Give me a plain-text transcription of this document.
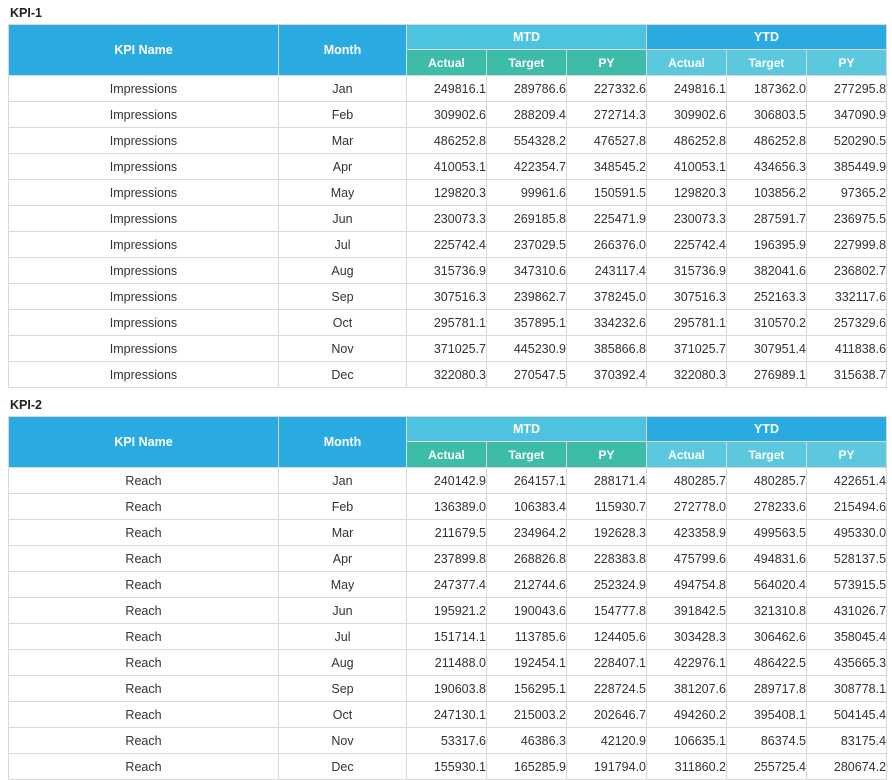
KPI-1
KPI Name	Month	MTD			YTD		
		Actual	Target	PY	Actual	Target	PY
Impressions	Jan	249816.1	289786.6	227332.6	249816.1	187362.0	277295.8
Impressions	Feb	309902.6	288209.4	272714.3	309902.6	306803.5	347090.9
Impressions	Mar	486252.8	554328.2	476527.8	486252.8	486252.8	520290.5
Impressions	Apr	410053.1	422354.7	348545.2	410053.1	434656.3	385449.9
Impressions	May	129820.3	99961.6	150591.5	129820.3	103856.2	97365.2
Impressions	Jun	230073.3	269185.8	225471.9	230073.3	287591.7	236975.5
Impressions	Jul	225742.4	237029.5	266376.0	225742.4	196395.9	227999.8
Impressions	Aug	315736.9	347310.6	243117.4	315736.9	382041.6	236802.7
Impressions	Sep	307516.3	239862.7	378245.0	307516.3	252163.3	332117.6
Impressions	Oct	295781.1	357895.1	334232.6	295781.1	310570.2	257329.6
Impressions	Nov	371025.7	445230.9	385866.8	371025.7	307951.4	411838.6
Impressions	Dec	322080.3	270547.5	370392.4	322080.3	276989.1	315638.7
KPI-2
KPI Name	Month	MTD			YTD		
		Actual	Target	PY	Actual	Target	PY
Reach	Jan	240142.9	264157.1	288171.4	480285.7	480285.7	422651.4
Reach	Feb	136389.0	106383.4	115930.7	272778.0	278233.6	215494.6
Reach	Mar	211679.5	234964.2	192628.3	423358.9	499563.5	495330.0
Reach	Apr	237899.8	268826.8	228383.8	475799.6	494831.6	528137.5
Reach	May	247377.4	212744.6	252324.9	494754.8	564020.4	573915.5
Reach	Jun	195921.2	190043.6	154777.8	391842.5	321310.8	431026.7
Reach	Jul	151714.1	113785.6	124405.6	303428.3	306462.6	358045.4
Reach	Aug	211488.0	192454.1	228407.1	422976.1	486422.5	435665.3
Reach	Sep	190603.8	156295.1	228724.5	381207.6	289717.8	308778.1
Reach	Oct	247130.1	215003.2	202646.7	494260.2	395408.1	504145.4
Reach	Nov	53317.6	46386.3	42120.9	106635.1	86374.5	83175.4
Reach	Dec	155930.1	165285.9	191794.0	311860.2	255725.4	280674.2
